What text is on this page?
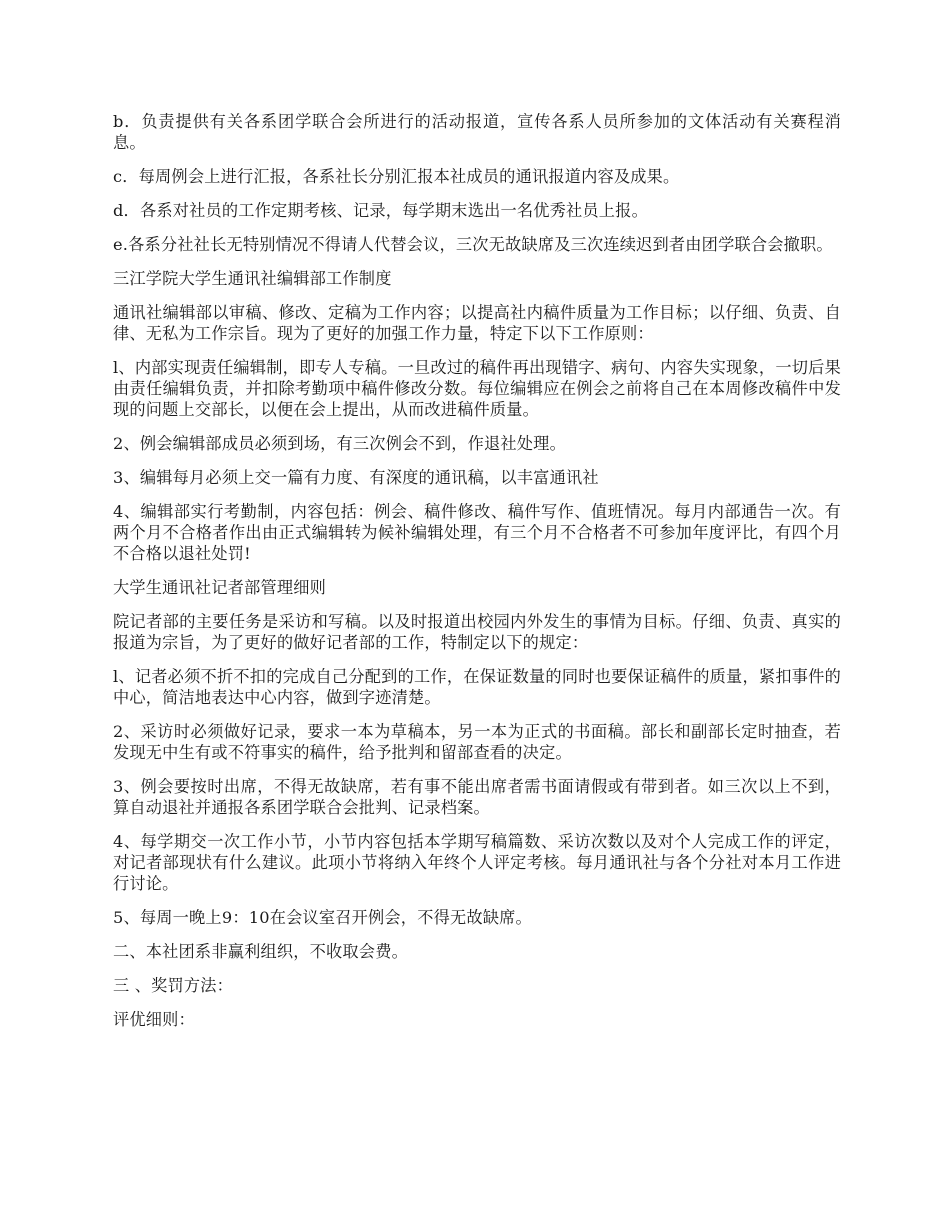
b．负责提供有关各系团学联合会所进行的活动报道，宣传各系人员所参加的文体活动有关赛程消息。

c．每周例会上进行汇报，各系社长分别汇报本社成员的通讯报道内容及成果。

d．各系对社员的工作定期考核、记录，每学期末选出一名优秀社员上报。

e.各系分社社长无特别情况不得请人代替会议，三次无故缺席及三次连续迟到者由团学联合会撤职。

三江学院大学生通讯社编辑部工作制度

通讯社编辑部以审稿、修改、定稿为工作内容；以提高社内稿件质量为工作目标；以仔细、负责、自律、无私为工作宗旨。现为了更好的加强工作力量，特定下以下工作原则：

l、内部实现责任编辑制，即专人专稿。一旦改过的稿件再出现错字、病句、内容失实现象，一切后果由责任编辑负责，并扣除考勤项中稿件修改分数。每位编辑应在例会之前将自己在本周修改稿件中发现的问题上交部长，以便在会上提出，从而改进稿件质量。

2、例会编辑部成员必须到场，有三次例会不到，作退社处理。

3、编辑每月必须上交一篇有力度、有深度的通讯稿，以丰富通讯社

4、编辑部实行考勤制，内容包括：例会、稿件修改、稿件写作、值班情况。每月内部通告一次。有两个月不合格者作出由正式编辑转为候补编辑处理，有三个月不合格者不可参加年度评比，有四个月不合格以退社处罚!

大学生通讯社记者部管理细则

院记者部的主要任务是采访和写稿。以及时报道出校园内外发生的事情为目标。仔细、负责、真实的报道为宗旨，为了更好的做好记者部的工作，特制定以下的规定：

l、记者必须不折不扣的完成自己分配到的工作，在保证数量的同时也要保证稿件的质量，紧扣事件的中心，简洁地表达中心内容，做到字迹清楚。

2、采访时必须做好记录，要求一本为草稿本，另一本为正式的书面稿。部长和副部长定时抽查，若发现无中生有或不符事实的稿件，给予批判和留部查看的决定。

3、例会要按时出席，不得无故缺席，若有事不能出席者需书面请假或有带到者。如三次以上不到，算自动退社并通报各系团学联合会批判、记录档案。

4、每学期交一次工作小节，小节内容包括本学期写稿篇数、采访次数以及对个人完成工作的评定，对记者部现状有什么建议。此项小节将纳入年终个人评定考核。每月通讯社与各个分社对本月工作进行讨论。

5、每周一晚上9：10在会议室召开例会，不得无故缺席。

二、本社团系非赢利组织，不收取会费。

三 、奖罚方法：

评优细则：
